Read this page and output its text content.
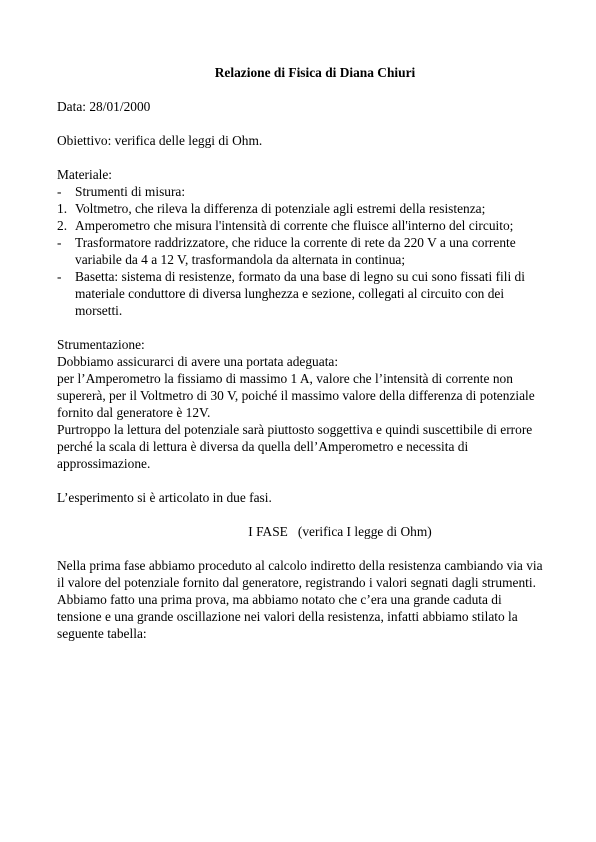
Relazione di Fisica di Diana Chiuri

Data: 28/01/2000

Obiettivo: verifica delle leggi di Ohm.

Materiale:

- Strumenti di misura:
1. Voltmetro, che rileva la differenza di potenziale agli estremi della resistenza;
2. Amperometro che misura l'intensità di corrente che fluisce all'interno del circuito;
- Trasformatore raddrizzatore, che riduce la corrente di rete da 220 V a una corrente variabile da 4 a 12 V, trasformandola da alternata in continua;
- Basetta: sistema di resistenze, formato da una base di legno su cui sono fissati fili di materiale conduttore di diversa lunghezza e sezione, collegati al circuito con dei morsetti.

Strumentazione:

Dobbiamo assicurarci di avere una portata adeguata:

per l’Amperometro la fissiamo di massimo 1 A, valore che l’intensità di corrente non supererà, per il Voltmetro di 30 V, poiché il massimo valore della differenza di potenziale fornito dal generatore è 12V.

Purtroppo la lettura del potenziale sarà piuttosto soggettiva e quindi suscettibile di errore perché la scala di lettura è diversa da quella dell’Amperometro e necessita di approssimazione.

L’esperimento si è articolato in due fasi.

I FASE   (verifica I legge di Ohm)

Nella prima fase abbiamo proceduto al calcolo indiretto della resistenza cambiando via via il valore del potenziale fornito dal generatore, registrando i valori segnati dagli strumenti. Abbiamo fatto una prima prova, ma abbiamo notato che c’era una grande caduta di tensione e una grande oscillazione nei valori della resistenza, infatti abbiamo stilato la seguente tabella:
